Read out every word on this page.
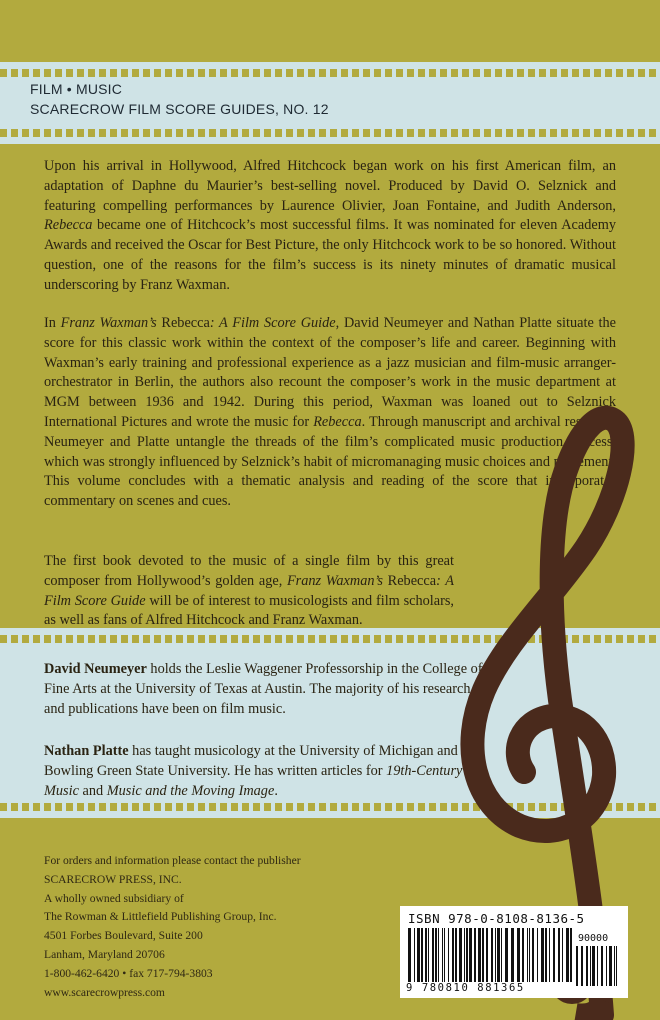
FILM • MUSIC
SCARECROW FILM SCORE GUIDES, NO. 12
Upon his arrival in Hollywood, Alfred Hitchcock began work on his first American film, an adaptation of Daphne du Maurier’s best-selling novel. Produced by David O. Selznick and featuring compelling performances by Laurence Olivier, Joan Fontaine, and Judith Anderson, Rebecca became one of Hitchcock’s most successful films. It was nominated for eleven Academy Awards and received the Oscar for Best Picture, the only Hitchcock work to be so honored. Without question, one of the reasons for the film’s success is its ninety minutes of dramatic musical underscoring by Franz Waxman.
In Franz Waxman’s Rebecca: A Film Score Guide, David Neumeyer and Nathan Platte situate the score for this classic work within the context of the composer’s life and career. Beginning with Waxman’s early training and professional experience as a jazz musician and film-music arranger-orchestrator in Berlin, the authors also recount the composer’s work in the music department at MGM between 1936 and 1942. During this period, Waxman was loaned out to Selznick International Pictures and wrote the music for Rebecca. Through manuscript and archival research, Neumeyer and Platte untangle the threads of the film’s complicated music production process, which was strongly influenced by Selznick’s habit of micromanaging music choices and placement. This volume concludes with a thematic analysis and reading of the score that incorporates commentary on scenes and cues.
The first book devoted to the music of a single film by this great composer from Hollywood’s golden age, Franz Waxman’s Rebecca: A Film Score Guide will be of interest to musicologists and film scholars, as well as fans of Alfred Hitchcock and Franz Waxman.
David Neumeyer holds the Leslie Waggener Professorship in the College of Fine Arts at the University of Texas at Austin. The majority of his research and publications have been on film music.
Nathan Platte has taught musicology at the University of Michigan and Bowling Green State University. He has written articles for 19th-Century Music and Music and the Moving Image.
For orders and information please contact the publisher
SCARECROW PRESS, INC.
A wholly owned subsidiary of
The Rowman & Littlefield Publishing Group, Inc.
4501 Forbes Boulevard, Suite 200
Lanham, Maryland 20706
1-800-462-6420 • fax 717-794-3803
www.scarecrowpress.com
ISBN 978-0-8108-8136-5
90000
9 780810 881365
